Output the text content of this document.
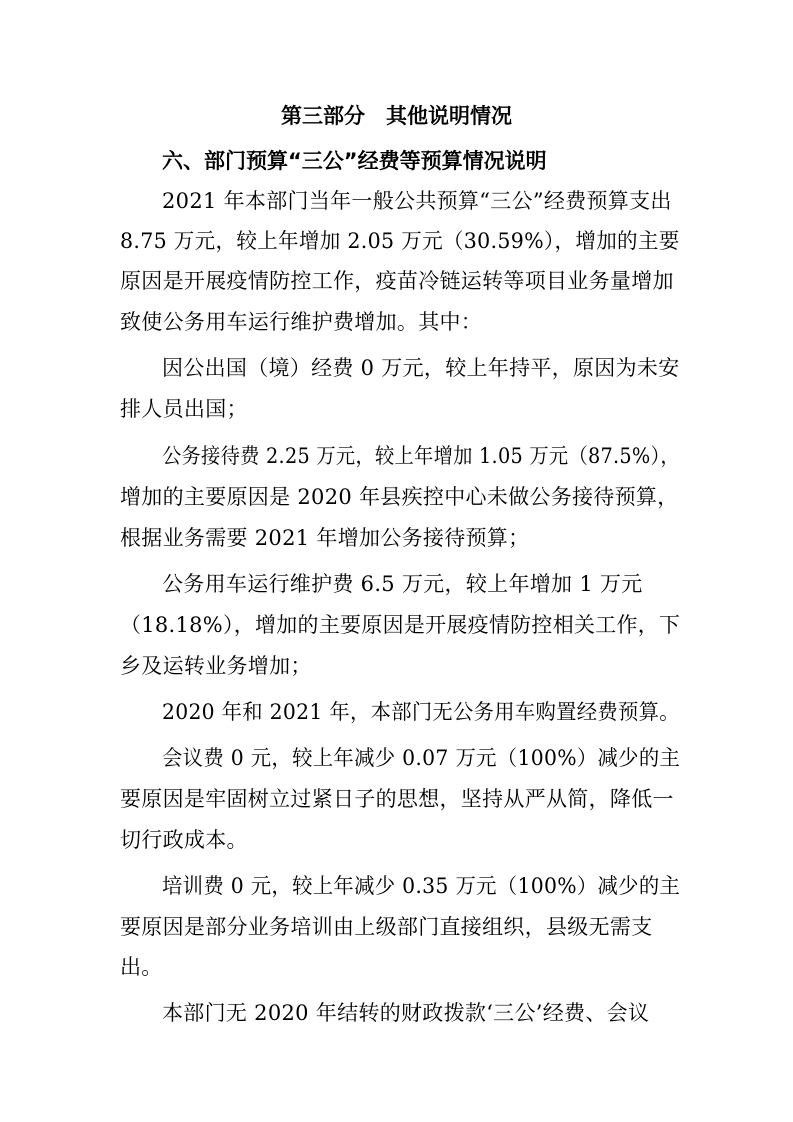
第三部分　其他说明情况
六、部门预算“三公”经费等预算情况说明
2021 年本部门当年一般公共预算“三公”经费预算支出
8.75 万元，较上年增加 2.05 万元（30.59%），增加的主要
原因是开展疫情防控工作，疫苗冷链运转等项目业务量增加
致使公务用车运行维护费增加。其中：
因公出国（境）经费 0 万元，较上年持平，原因为未安
排人员出国；
公务接待费 2.25 万元，较上年增加 1.05 万元（87.5%），
增加的主要原因是 2020 年县疾控中心未做公务接待预算，
根据业务需要 2021 年增加公务接待预算；
公务用车运行维护费 6.5 万元，较上年增加 1 万元
（18.18%），增加的主要原因是开展疫情防控相关工作，下
乡及运转业务增加；
2020 年和 2021 年，本部门无公务用车购置经费预算。
会议费 0 元，较上年减少 0.07 万元（100%）减少的主
要原因是牢固树立过紧日子的思想，坚持从严从简，降低一
切行政成本。
培训费 0 元，较上年减少 0.35 万元（100%）减少的主
要原因是部分业务培训由上级部门直接组织，县级无需支
出。
本部门无 2020 年结转的财政拨款‘三公’经费、会议
